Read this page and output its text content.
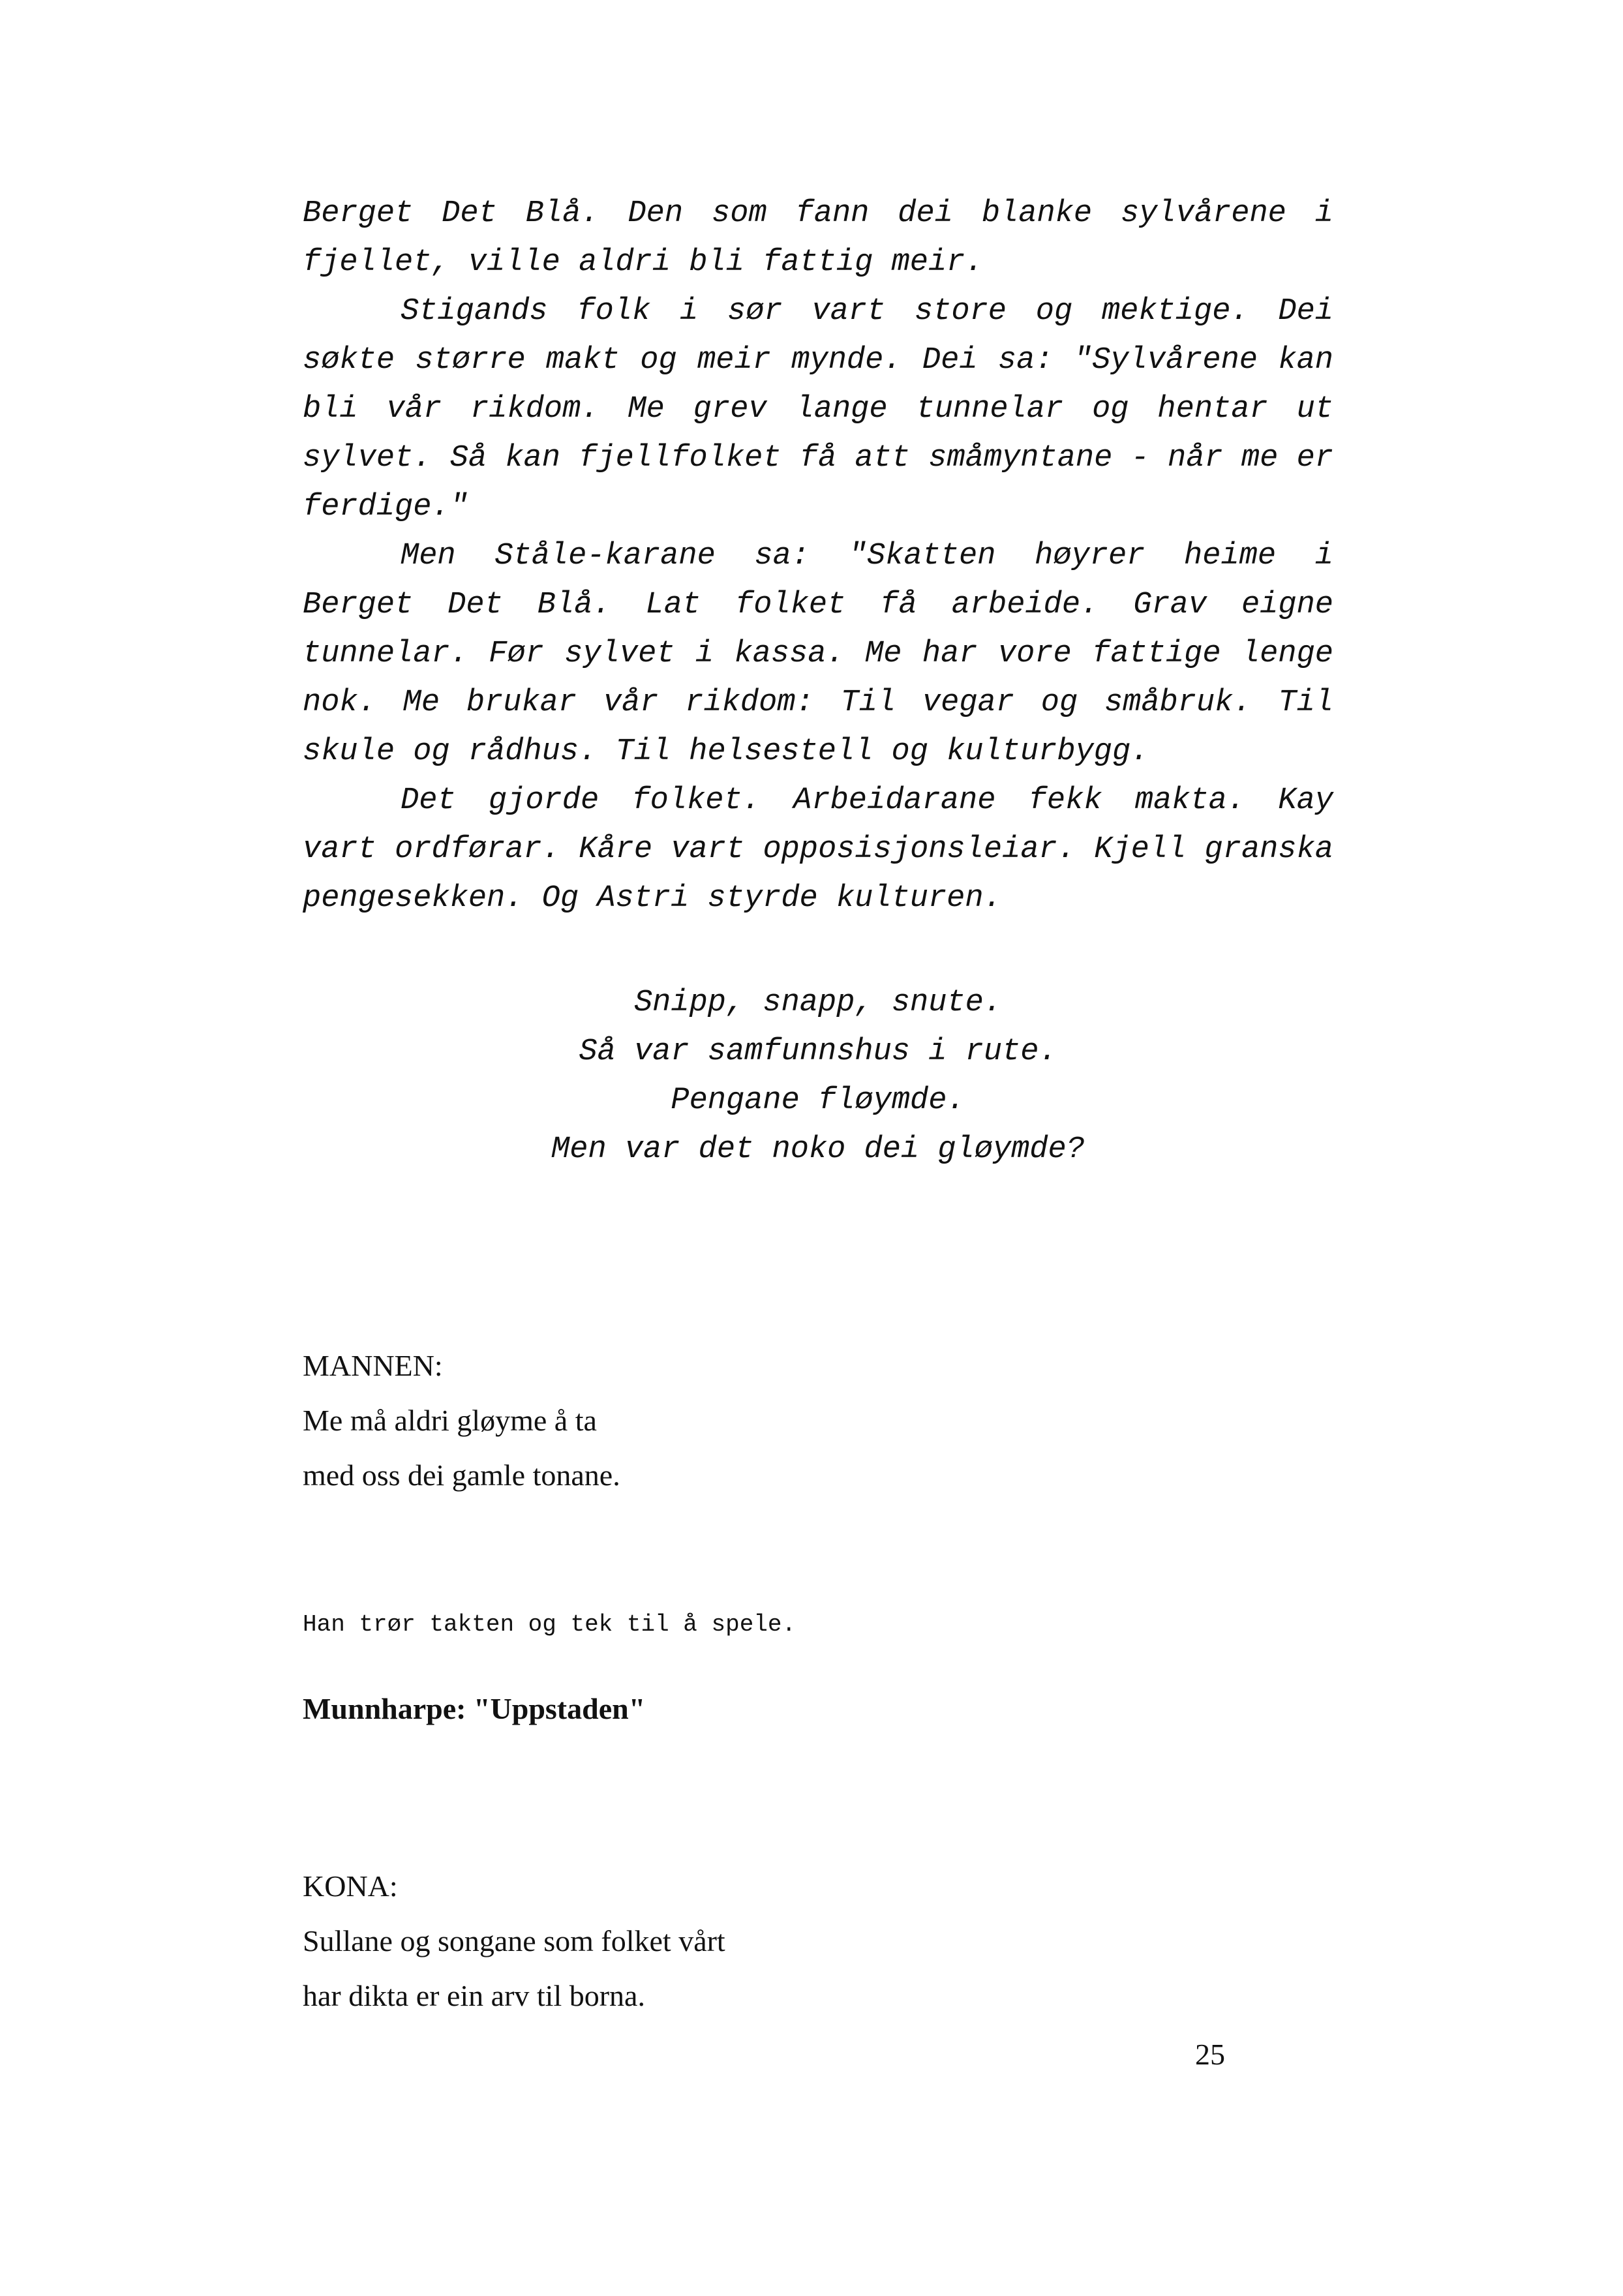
Berget Det Blå. Den som fann dei blanke sylvårene i fjellet, ville aldri bli fattig meir.

Stigands folk i sør vart store og mektige. Dei søkte større makt og meir mynde. Dei sa: "Sylvårene kan bli vår rikdom. Me grev lange tunnelar og hentar ut sylvet. Så kan fjellfolket få att småmyntane - når me er ferdige."

Men Ståle-karane sa: "Skatten høyrer heime i Berget Det Blå. Lat folket få arbeide. Grav eigne tunnelar. Før sylvet i kassa. Me har vore fattige lenge nok. Me brukar vår rikdom: Til vegar og småbruk. Til skule og rådhus. Til helsestell og kulturbygg.

Det gjorde folket. Arbeidarane fekk makta. Kay vart ordførar. Kåre vart opposisjonsleiar. Kjell granska pengesekken. Og Astri styrde kulturen.

Snipp, snapp, snute.
Så var samfunnshus i rute.
Pengane fløymde.
Men var det noko dei gløymde?
MANNEN:
Me må aldri gløyme å ta
med oss dei gamle tonane.
Han trør takten og tek til å spele.
Munnharpe: "Uppstaden"
KONA:
Sullane og songane som folket vårt
har dikta er ein arv til borna.
25
